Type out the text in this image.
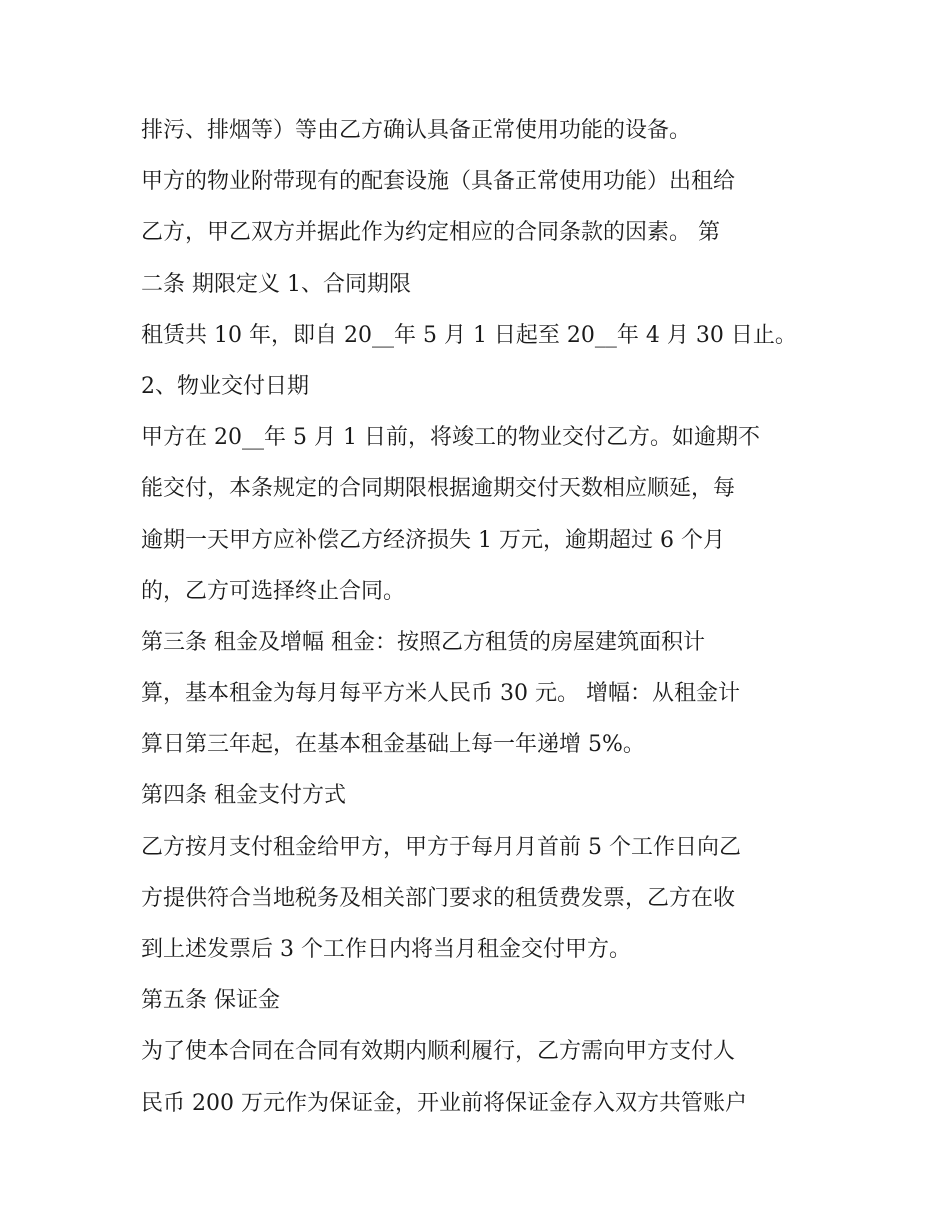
排污、排烟等）等由乙方确认具备正常使用功能的设备。
甲方的物业附带现有的配套设施（具备正常使用功能）出租给
乙方，甲乙双方并据此作为约定相应的合同条款的因素。 第
二条 期限定义 1、合同期限
租赁共 10 年，即自 20__年 5 月 1 日起至 20__年 4 月 30 日止。
2、物业交付日期
甲方在 20__年 5 月 1 日前，将竣工的物业交付乙方。如逾期不
能交付，本条规定的合同期限根据逾期交付天数相应顺延，每
逾期一天甲方应补偿乙方经济损失 1 万元，逾期超过 6 个月
的，乙方可选择终止合同。
第三条 租金及增幅 租金：按照乙方租赁的房屋建筑面积计
算，基本租金为每月每平方米人民币 30 元。 增幅：从租金计
算日第三年起，在基本租金基础上每一年递增 5%。
第四条 租金支付方式
乙方按月支付租金给甲方，甲方于每月月首前 5 个工作日向乙
方提供符合当地税务及相关部门要求的租赁费发票，乙方在收
到上述发票后 3 个工作日内将当月租金交付甲方。
第五条 保证金
为了使本合同在合同有效期内顺利履行，乙方需向甲方支付人
民币 200 万元作为保证金，开业前将保证金存入双方共管账户
